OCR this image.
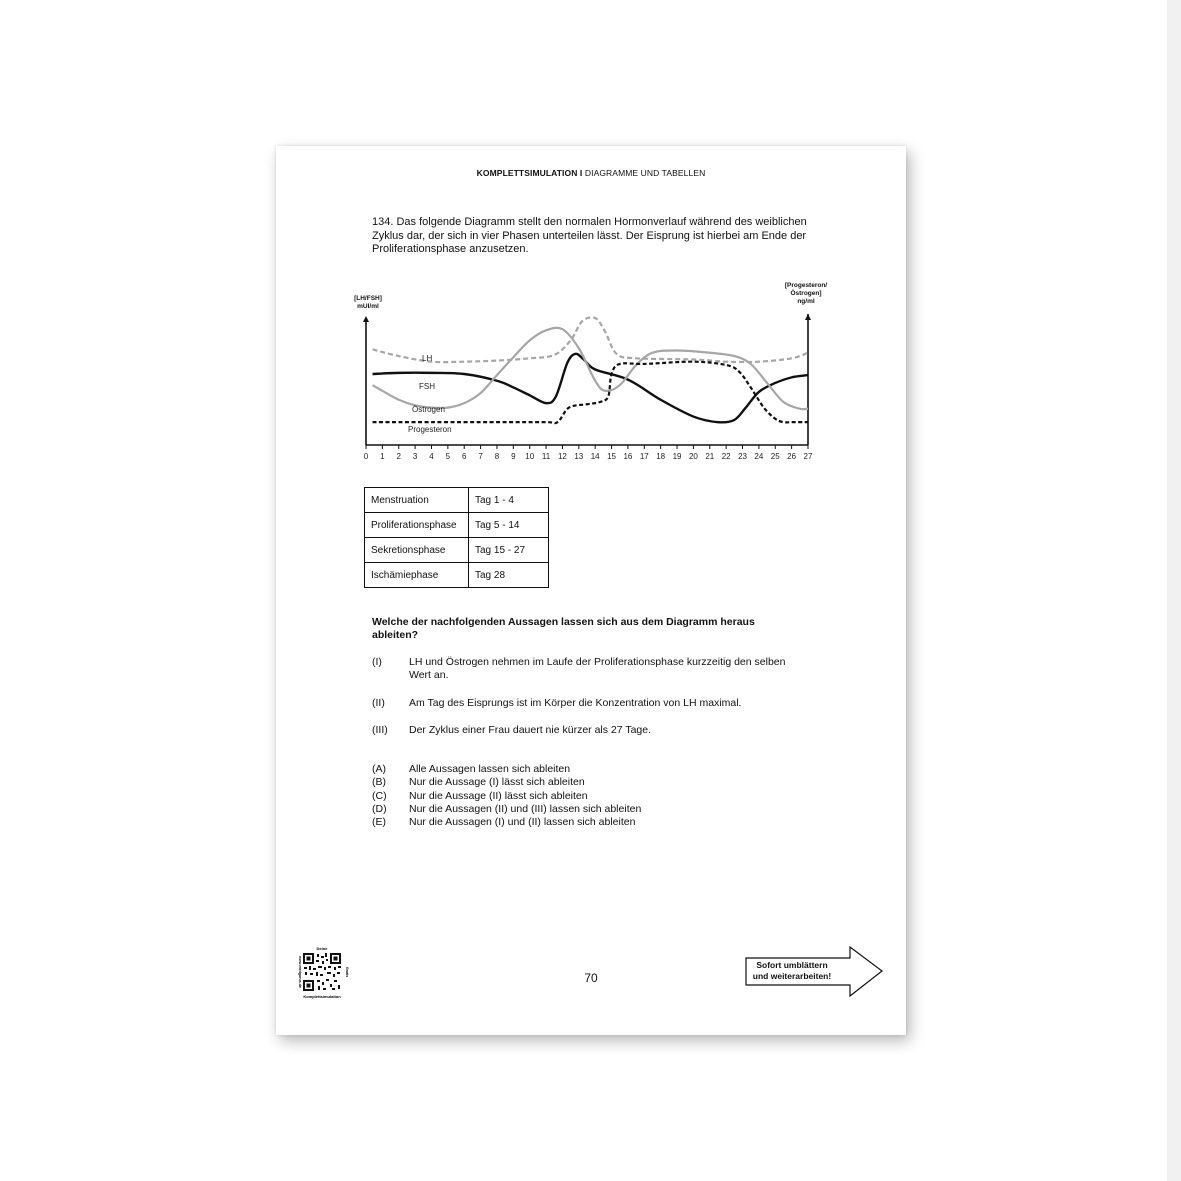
KOMPLETTSIMULATION I DIAGRAMME UND TABELLEN
134. Das folgende Diagramm stellt den normalen Hormonverlauf während des weiblichen Zyklus dar, der sich in vier Phasen unterteilen lässt. Der Eisprung ist hierbei am Ende der Proliferationsphase anzusetzen.
[LH/FSH]
mUI/ml
[Progesteron/
Östrogen]
ng/ml
LH
FSH
Östrogen
Progesteron
0 1 2 3 4 5 6 7 8 9 10 11 12 13 14 15 16 17 18 19 20 21 22 23 24 25 26 27
Menstruation	Tag 1 - 4
Proliferationsphase	Tag 5 - 14
Sekretionsphase	Tag 15 - 27
Ischämiephase	Tag 28
Welche der nachfolgenden Aussagen lassen sich aus dem Diagramm heraus ableiten?
(I)	LH und Östrogen nehmen im Laufe der Proliferationsphase kurzzeitig den selben Wert an.
(II) Am Tag des Eisprungs ist im Körper die Konzentration von LH maximal.
(III) Der Zyklus einer Frau dauert nie kürzer als 27 Tage.
(A) Alle Aussagen lassen sich ableiten
(B) Nur die Aussage (I) lässt sich ableiten
(C) Nur die Aussage (II) lässt sich ableiten
(D) Nur die Aussagen (II) und (III) lassen sich ableiten
(E) Nur die Aussagen (I) und (II) lassen sich ableiten
Deine
Komplettsimulation
www.medgurus.de	Gratis	70
Sofort umblättern
und weiterarbeiten!
